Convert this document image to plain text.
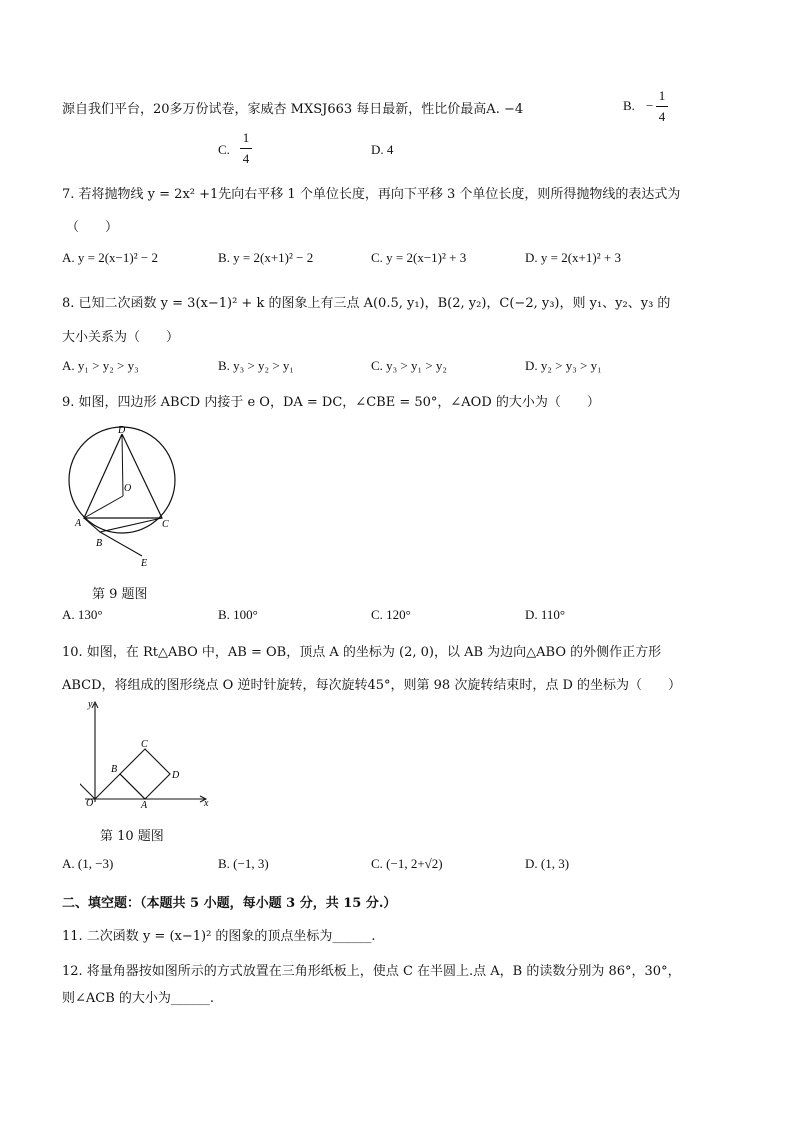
源自我们平台，20多万份试卷，家威杏 MXSJ663 每日最新，性比价最高A. −4	B. −
1
4
C.
1
4
D. 4
7. 若将抛物线 y = 2x² +1先向右平移 1 个单位长度，再向下平移 3 个单位长度，则所得抛物线的表达式为
（　　）
A. y = 2(x−1)² − 2	B. y = 2(x+1)² − 2	C. y = 2(x−1)² + 3	D. y = 2(x+1)² + 3
8. 已知二次函数 y = 3(x−1)² + k 的图象上有三点 A(0.5, y₁)，B(2, y₂)，C(−2, y₃)，则 y₁、y₂、y₃ 的
大小关系为（　　）
A. y₁ > y₂ > y₃	B. y₃ > y₂ > y₁	C. y₃ > y₁ > y₂	D. y₂ > y₃ > y₁
9. 如图，四边形 ABCD 内接于 e O，DA = DC，∠CBE = 50°，∠AOD 的大小为（　　）
D
O
A	C
B
E
第 9 题图
A. 130°	B. 100°	C. 120°	D. 110°
10. 如图，在 Rt△ABO 中，AB = OB，顶点 A 的坐标为 (2, 0)，以 AB 为边向△ABO 的外侧作正方形
ABCD，将组成的图形绕点 O 逆时针旋转，每次旋转45°，则第 98 次旋转结束时，点 D 的坐标为（　　）
y
x
O	A
B
C
D
第 10 题图
A. (1, −3)	B. (−1, 3)	C. (−1, 2+√2)	D. (1, 3)
二、填空题：（本题共 5 小题，每小题 3 分，共 15 分.）
11. 二次函数 y = (x−1)² 的图象的顶点坐标为______.
12. 将量角器按如图所示的方式放置在三角形纸板上，使点 C 在半圆上.点 A，B 的读数分别为 86°，30°，
则∠ACB 的大小为______.
